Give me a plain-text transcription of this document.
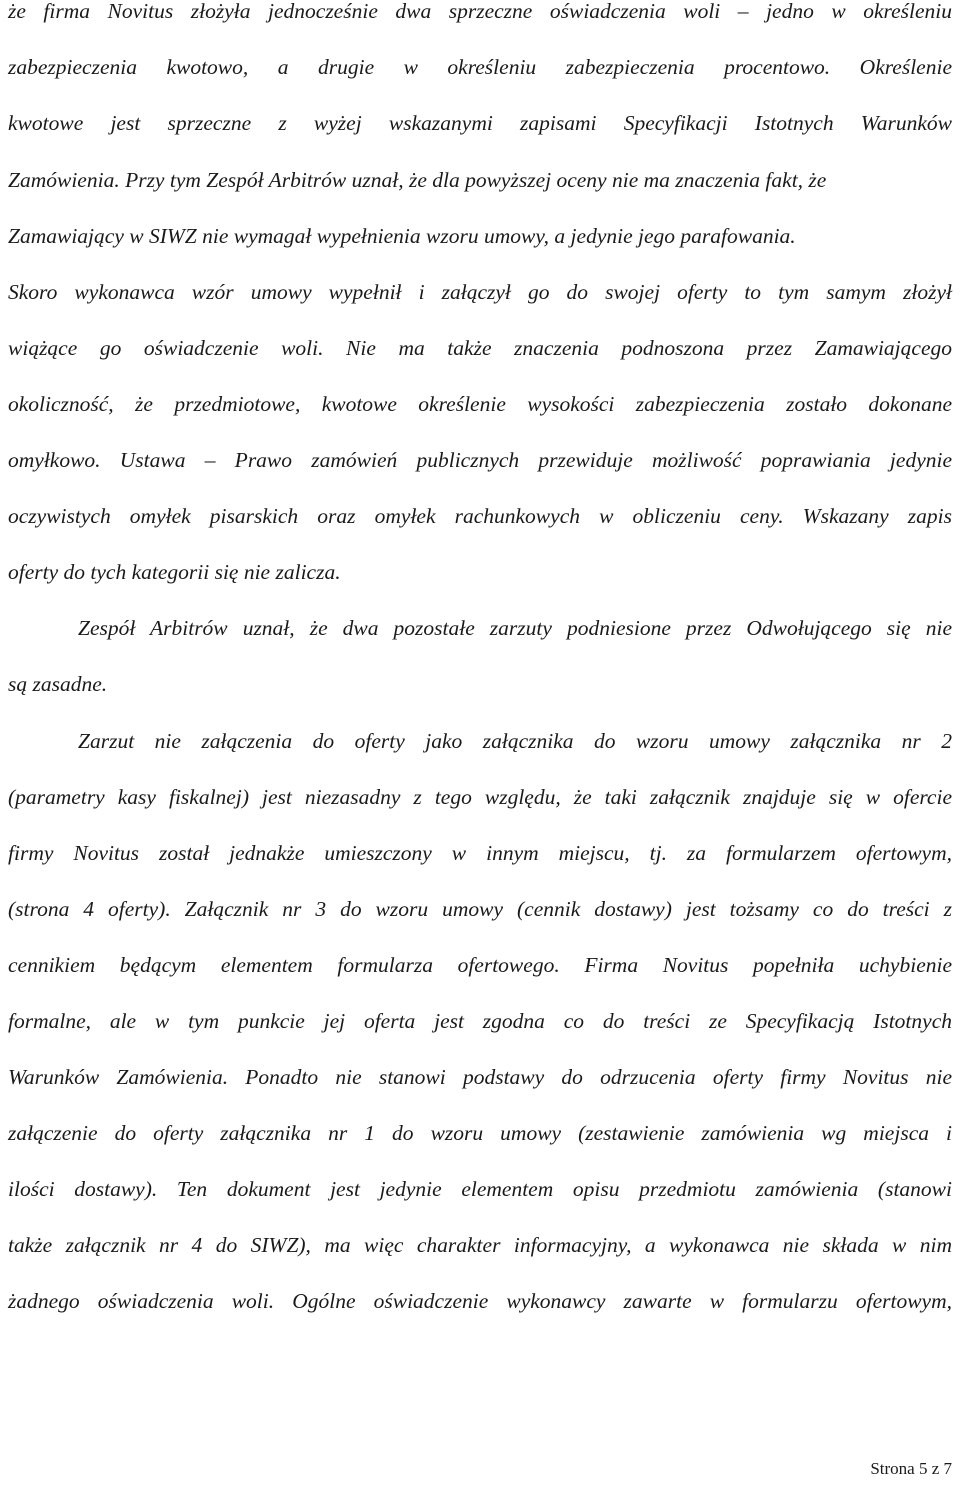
że firma Novitus złożyła jednocześnie dwa sprzeczne oświadczenia woli – jedno w określeniu
zabezpieczenia kwotowo, a drugie w określeniu zabezpieczenia procentowo. Określenie
kwotowe jest sprzeczne z wyżej wskazanymi zapisami Specyfikacji Istotnych Warunków
Zamówienia. Przy tym Zespół Arbitrów uznał, że dla powyższej oceny nie ma znaczenia fakt, że
Zamawiający w SIWZ nie wymagał wypełnienia wzoru umowy, a jedynie jego parafowania.
Skoro wykonawca wzór umowy wypełnił i załączył go do swojej oferty to tym samym złożył
wiążące go oświadczenie woli. Nie ma także znaczenia podnoszona przez Zamawiającego
okoliczność, że przedmiotowe, kwotowe określenie wysokości zabezpieczenia zostało dokonane
omyłkowo. Ustawa – Prawo zamówień publicznych przewiduje możliwość poprawiania jedynie
oczywistych omyłek pisarskich oraz omyłek rachunkowych w obliczeniu ceny. Wskazany zapis
oferty do tych kategorii się nie zalicza.
Zespół Arbitrów uznał, że dwa pozostałe zarzuty podniesione przez Odwołującego się nie
są zasadne.
Zarzut nie załączenia do oferty jako załącznika do wzoru umowy załącznika nr 2
(parametry kasy fiskalnej) jest niezasadny z tego względu, że taki załącznik znajduje się w ofercie
firmy Novitus został jednakże umieszczony w innym miejscu, tj. za formularzem ofertowym,
(strona 4 oferty). Załącznik nr 3 do wzoru umowy (cennik dostawy) jest tożsamy co do treści z
cennikiem będącym elementem formularza ofertowego. Firma Novitus popełniła uchybienie
formalne, ale w tym punkcie jej oferta jest zgodna co do treści ze Specyfikacją Istotnych
Warunków Zamówienia. Ponadto nie stanowi podstawy do odrzucenia oferty firmy Novitus nie
załączenie do oferty załącznika nr 1 do wzoru umowy (zestawienie zamówienia wg miejsca i
ilości dostawy). Ten dokument jest jedynie elementem opisu przedmiotu zamówienia (stanowi
także załącznik nr 4 do SIWZ), ma więc charakter informacyjny, a wykonawca nie składa w nim
żadnego oświadczenia woli. Ogólne oświadczenie wykonawcy zawarte w formularzu ofertowym,
Strona 5 z 7
